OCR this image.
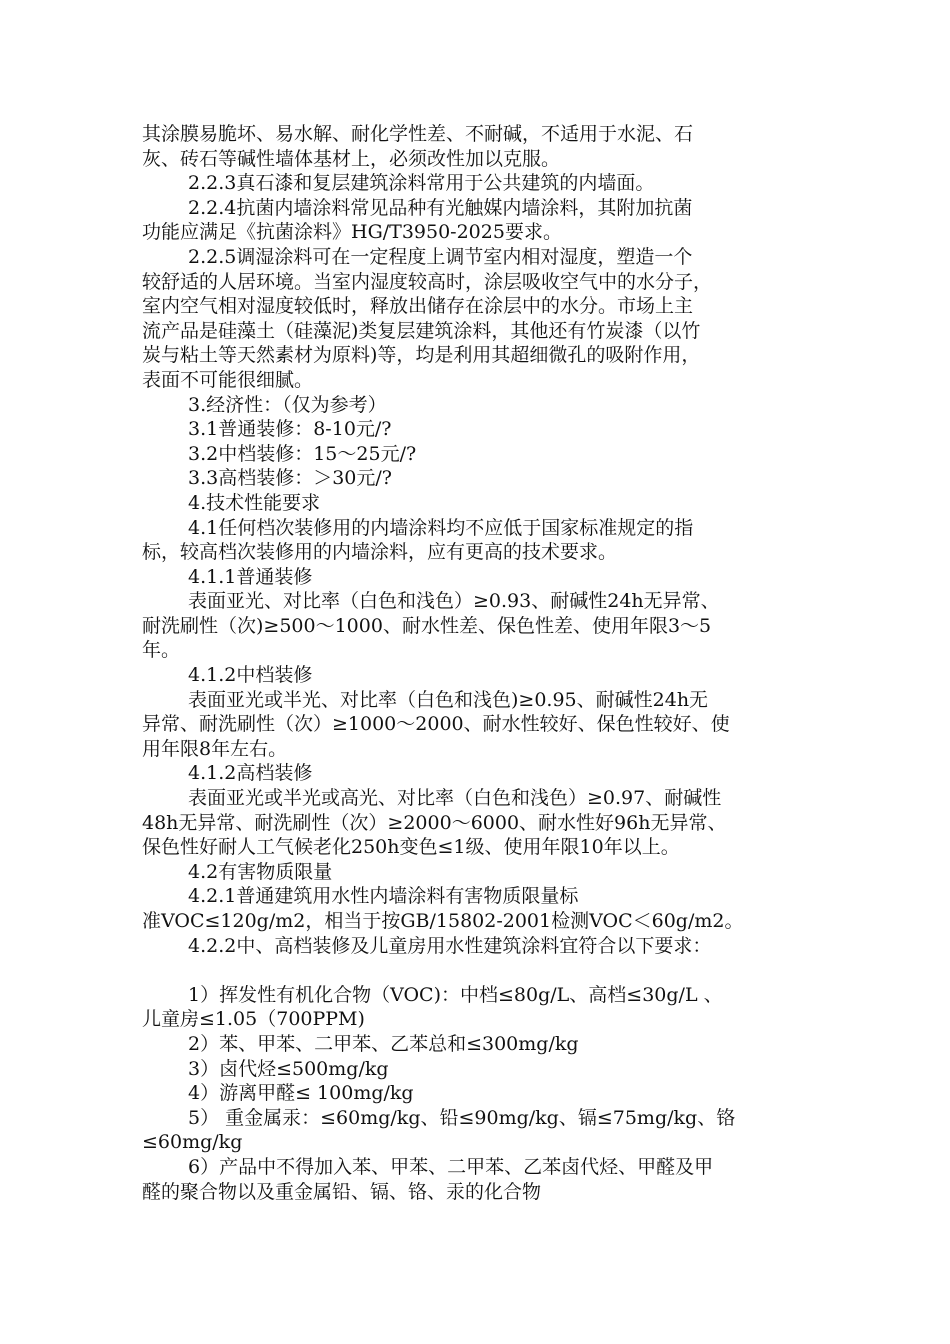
其涂膜易脆坏、易水解、耐化学性差、不耐碱，不适用于水泥、石
灰、砖石等碱性墙体基材上，必须改性加以克服。
2.2.3真石漆和复层建筑涂料常用于公共建筑的内墙面。
2.2.4抗菌内墙涂料常见品种有光触媒内墙涂料，其附加抗菌
功能应满足《抗菌涂料》HG/T3950-2025要求。
2.2.5调湿涂料可在一定程度上调节室内相对湿度，塑造一个
较舒适的人居环境。当室内湿度较高时，涂层吸收空气中的水分子，
室内空气相对湿度较低时，释放出储存在涂层中的水分。市场上主
流产品是硅藻土（硅藻泥)类复层建筑涂料，其他还有竹炭漆（以竹
炭与粘土等天然素材为原料)等，均是利用其超细微孔的吸附作用，
表面不可能很细腻。
3.经济性：（仅为参考）
3.1普通装修：8-10元/?
3.2中档装修：15～25元/?
3.3高档装修：＞30元/?
4.技术性能要求
4.1任何档次装修用的内墙涂料均不应低于国家标准规定的指
标，较高档次装修用的内墙涂料，应有更高的技术要求。
4.1.1普通装修
表面亚光、对比率（白色和浅色）≥0.93、耐碱性24h无异常、
耐洗刷性（次)≥500～1000、耐水性差、保色性差、使用年限3～5
年。
4.1.2中档装修
表面亚光或半光、对比率（白色和浅色)≥0.95、耐碱性24h无
异常、耐洗刷性（次）≥1000～2000、耐水性较好、保色性较好、使
用年限8年左右。
4.1.2高档装修
表面亚光或半光或高光、对比率（白色和浅色）≥0.97、耐碱性
48h无异常、耐洗刷性（次）≥2000～6000、耐水性好96h无异常、
保色性好耐人工气候老化250h变色≤1级、使用年限10年以上。
4.2有害物质限量
4.2.1普通建筑用水性内墙涂料有害物质限量标
准VOC≤120g/m2，相当于按GB/15802-2001检测VOC＜60g/m2。
4.2.2中、高档装修及儿童房用水性建筑涂料宜符合以下要求：
1）挥发性有机化合物（VOC)：中档≤80g/L、高档≤30g/L 、
儿童房≤1.05（700PPM)
2）苯、甲苯、二甲苯、乙苯总和≤300mg/kg
3）卤代烃≤500mg/kg
4）游离甲醛≤ 100mg/kg
5） 重金属汞：≤60mg/kg、铅≤90mg/kg、镉≤75mg/kg、铬
≤60mg/kg
6）产品中不得加入苯、甲苯、二甲苯、乙苯卤代烃、甲醛及甲
醛的聚合物以及重金属铅、镉、铬、汞的化合物
